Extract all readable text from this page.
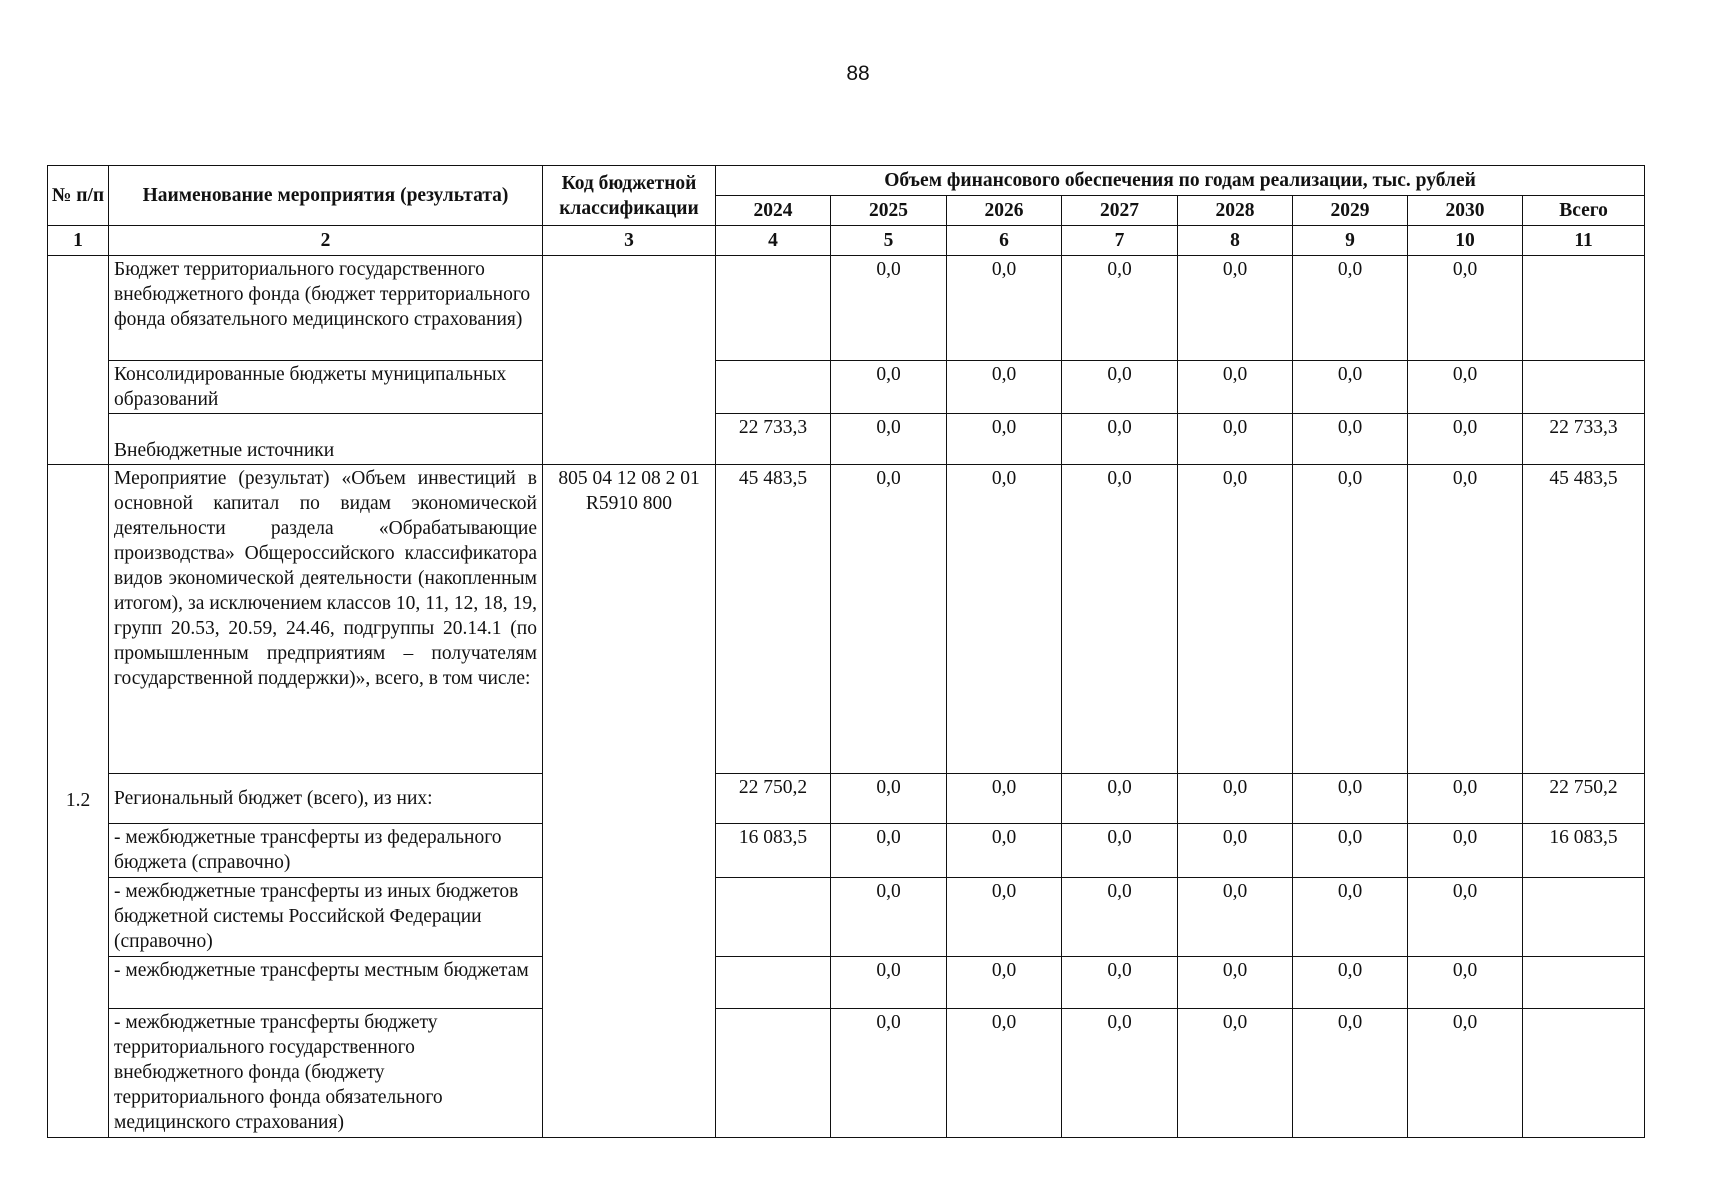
88
№ п/п	Наименование мероприятия (результата)	Код бюджетной классификации	Объем финансового обеспечения по годам реализации, тыс. рублей							
			2024	2025	2026	2027	2028	2029	2030	Всего
1	2	3	4	5	6	7	8	9	10	11
	Бюджет территориального государственного внебюджетного фонда (бюджет территориального фонда обязательного медицинского страхования)			0,0	0,0	0,0	0,0	0,0	0,0	
	Консолидированные бюджеты муниципальных образований			0,0	0,0	0,0	0,0	0,0	0,0	
	Внебюджетные источники		22 733,3	0,0	0,0	0,0	0,0	0,0	0,0	22 733,3
1.2	Мероприятие (результат) «Объем инвестиций в основной капитал по видам экономической деятельности раздела «Обрабатывающие производства» Общероссийского классификатора видов экономической деятельности (накопленным итогом), за исключением классов 10, 11, 12, 18, 19, групп 20.53, 20.59, 24.46, подгруппы 20.14.1 (по промышленным предприятиям – получателям государственной поддержки)», всего, в том числе:	805 04 12 08 2 01 R5910 800	45 483,5	0,0	0,0	0,0	0,0	0,0	0,0	45 483,5
	Региональный бюджет (всего), из них:		22 750,2	0,0	0,0	0,0	0,0	0,0	0,0	22 750,2
	- межбюджетные трансферты из федерального бюджета (справочно)		16 083,5	0,0	0,0	0,0	0,0	0,0	0,0	16 083,5
	- межбюджетные трансферты из иных бюджетов бюджетной системы Российской Федерации (справочно)			0,0	0,0	0,0	0,0	0,0	0,0	
	- межбюджетные трансферты местным бюджетам			0,0	0,0	0,0	0,0	0,0	0,0	
	- межбюджетные трансферты бюджету территориального государственного внебюджетного фонда (бюджету территориального фонда обязательного медицинского страхования)			0,0	0,0	0,0	0,0	0,0	0,0	
